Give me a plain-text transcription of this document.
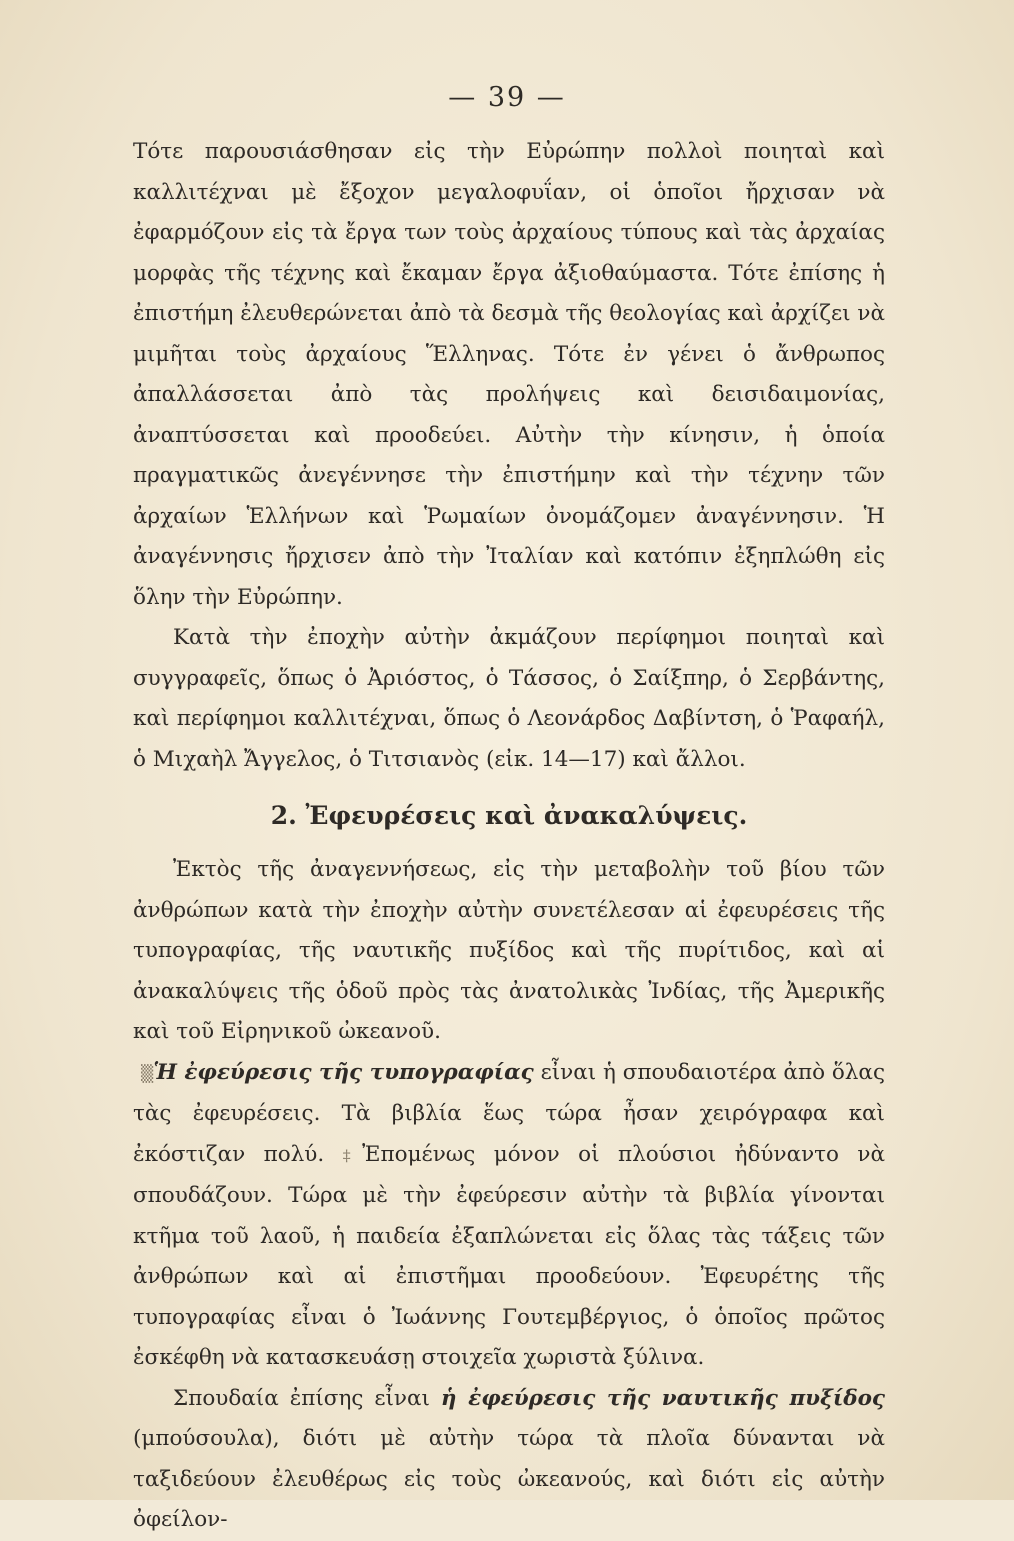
— 39 —

Τότε παρουσιάσθησαν εἰς τὴν Εὐρώπην πολλοὶ ποιηταὶ καὶ καλλιτέχναι μὲ ἔξοχον μεγαλοφυΐαν, οἱ ὁποῖοι ἤρχισαν νὰ ἐφαρμόζουν εἰς τὰ ἔργα των τοὺς ἀρχαίους τύπους καὶ τὰς ἀρχαίας μορφὰς τῆς τέχνης καὶ ἔκαμαν ἔργα ἀξιοθαύμαστα. Τότε ἐπίσης ἡ ἐπιστήμη ἐλευθερώνεται ἀπὸ τὰ δεσμὰ τῆς θεολογίας καὶ ἀρχίζει νὰ μιμῆται τοὺς ἀρχαίους Ἕλληνας. Τότε ἐν γένει ὁ ἄνθρωπος ἀπαλλάσσεται ἀπὸ τὰς προλήψεις καὶ δεισιδαιμονίας, ἀναπτύσσεται καὶ προοδεύει. Αὐτὴν τὴν κίνησιν, ἡ ὁποία πραγματικῶς ἀνεγέννησε τὴν ἐπιστήμην καὶ τὴν τέχνην τῶν ἀρχαίων Ἑλλήνων καὶ Ῥωμαίων ὀνομάζομεν ἀναγέννησιν. Ἡ ἀναγέννησις ἤρχισεν ἀπὸ τὴν Ἰταλίαν καὶ κατόπιν ἐξηπλώθη εἰς ὅλην τὴν Εὐρώπην.

Κατὰ τὴν ἐποχὴν αὐτὴν ἀκμάζουν περίφημοι ποιηταὶ καὶ συγγραφεῖς, ὅπως ὁ Ἀριόστος, ὁ Τάσσος, ὁ Σαίξπηρ, ὁ Σερβάντης, καὶ περίφημοι καλλιτέχναι, ὅπως ὁ Λεονάρδος Δαβίντση, ὁ Ῥαφαήλ, ὁ Μιχαὴλ Ἄγγελος, ὁ Τιτσιανὸς (εἰκ. 14—17) καὶ ἄλλοι.

2. Ἐφευρέσεις καὶ ἀνακαλύψεις.

Ἐκτὸς τῆς ἀναγεννήσεως, εἰς τὴν μεταβολὴν τοῦ βίου τῶν ἀνθρώπων κατὰ τὴν ἐποχὴν αὐτὴν συνετέλεσαν αἱ ἐφευρέσεις τῆς τυπογραφίας, τῆς ναυτικῆς πυξίδος καὶ τῆς πυρίτιδος, καὶ αἱ ἀνακαλύψεις τῆς ὁδοῦ πρὸς τὰς ἀνατολικὰς Ἰνδίας, τῆς Ἀμερικῆς καὶ τοῦ Εἰρηνικοῦ ὠκεανοῦ.

▒Ἡ ἐφεύρεσις τῆς τυπογραφίας εἶναι ἡ σπουδαιοτέρα ἀπὸ ὅλας τὰς ἐφευρέσεις. Τὰ βιβλία ἕως τώρα ἦσαν χειρόγραφα καὶ ἐκόστιζαν πολύ. ‡Ἐπομένως μόνον οἱ πλούσιοι ἠδύναντο νὰ σπουδάζουν. Τώρα μὲ τὴν ἐφεύρεσιν αὐτὴν τὰ βιβλία γίνονται κτῆμα τοῦ λαοῦ, ἡ παιδεία ἐξαπλώνεται εἰς ὅλας τὰς τάξεις τῶν ἀνθρώπων καὶ αἱ ἐπιστῆμαι προοδεύουν. Ἐφευρέτης τῆς τυπογραφίας εἶναι ὁ Ἰωάννης Γουτεμβέργιος, ὁ ὁποῖος πρῶτος ἐσκέφθη νὰ κατασκευάσῃ στοιχεῖα χωριστὰ ξύλινα.

Σπουδαία ἐπίσης εἶναι ἡ ἐφεύρεσις τῆς ναυτικῆς πυξίδος (μπούσουλα), διότι μὲ αὐτὴν τώρα τὰ πλοῖα δύνανται νὰ ταξιδεύουν ἐλευθέρως εἰς τοὺς ὠκεανούς, καὶ διότι εἰς αὐτὴν ὀφείλον-
